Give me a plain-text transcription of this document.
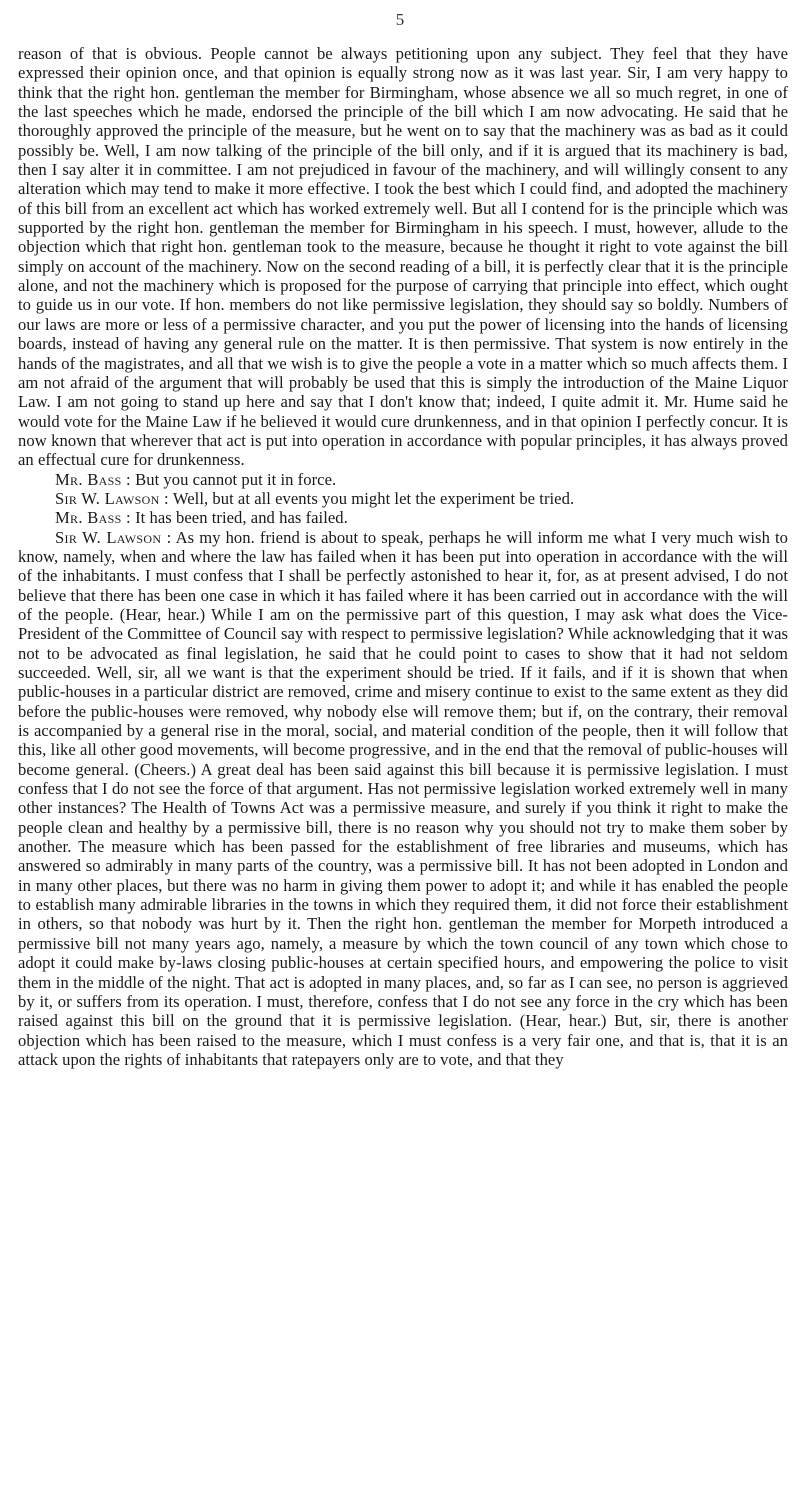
5

reason of that is obvious. People cannot be always petitioning upon any subject. They feel that they have expressed their opinion once, and that opinion is equally strong now as it was last year. Sir, I am very happy to think that the right hon. gentleman the member for Birmingham, whose absence we all so much regret, in one of the last speeches which he made, endorsed the principle of the bill which I am now advocating. He said that he thoroughly approved the principle of the measure, but he went on to say that the machinery was as bad as it could possibly be. Well, I am now talking of the principle of the bill only, and if it is argued that its machinery is bad, then I say alter it in committee. I am not prejudiced in favour of the machinery, and will willingly consent to any alteration which may tend to make it more effective. I took the best which I could find, and adopted the machinery of this bill from an excellent act which has worked extremely well. But all I contend for is the principle which was supported by the right hon. gentleman the member for Birmingham in his speech. I must, however, allude to the objection which that right hon. gentleman took to the measure, because he thought it right to vote against the bill simply on account of the machinery. Now on the second reading of a bill, it is perfectly clear that it is the principle alone, and not the machinery which is proposed for the purpose of carrying that principle into effect, which ought to guide us in our vote. If hon. members do not like permissive legislation, they should say so boldly. Numbers of our laws are more or less of a permissive character, and you put the power of licensing into the hands of licensing boards, instead of having any general rule on the matter. It is then permissive. That system is now entirely in the hands of the magistrates, and all that we wish is to give the people a vote in a matter which so much affects them. I am not afraid of the argument that will probably be used that this is simply the introduction of the Maine Liquor Law. I am not going to stand up here and say that I don't know that; indeed, I quite admit it. Mr. Hume said he would vote for the Maine Law if he believed it would cure drunkenness, and in that opinion I perfectly concur. It is now known that wherever that act is put into operation in accordance with popular principles, it has always proved an effectual cure for drunkenness.

Mr. Bass : But you cannot put it in force.

Sir W. Lawson : Well, but at all events you might let the experiment be tried.

Mr. Bass : It has been tried, and has failed.

Sir W. Lawson : As my hon. friend is about to speak, perhaps he will inform me what I very much wish to know, namely, when and where the law has failed when it has been put into operation in accordance with the will of the inhabitants. I must confess that I shall be perfectly astonished to hear it, for, as at present advised, I do not believe that there has been one case in which it has failed where it has been carried out in accordance with the will of the people. (Hear, hear.) While I am on the permissive part of this question, I may ask what does the Vice-President of the Committee of Council say with respect to permissive legislation? While acknowledging that it was not to be advocated as final legislation, he said that he could point to cases to show that it had not seldom succeeded. Well, sir, all we want is that the experiment should be tried. If it fails, and if it is shown that when public-houses in a particular district are removed, crime and misery continue to exist to the same extent as they did before the public-houses were removed, why nobody else will remove them; but if, on the contrary, their removal is accompanied by a general rise in the moral, social, and material condition of the people, then it will follow that this, like all other good movements, will become progressive, and in the end that the removal of public-houses will become general. (Cheers.) A great deal has been said against this bill because it is permissive legislation. I must confess that I do not see the force of that argument. Has not permissive legislation worked extremely well in many other instances? The Health of Towns Act was a permissive measure, and surely if you think it right to make the people clean and healthy by a permissive bill, there is no reason why you should not try to make them sober by another. The measure which has been passed for the establishment of free libraries and museums, which has answered so admirably in many parts of the country, was a permissive bill. It has not been adopted in London and in many other places, but there was no harm in giving them power to adopt it; and while it has enabled the people to establish many admirable libraries in the towns in which they required them, it did not force their establishment in others, so that nobody was hurt by it. Then the right hon. gentleman the member for Morpeth introduced a permissive bill not many years ago, namely, a measure by which the town council of any town which chose to adopt it could make by-laws closing public-houses at certain specified hours, and empowering the police to visit them in the middle of the night. That act is adopted in many places, and, so far as I can see, no person is aggrieved by it, or suffers from its operation. I must, therefore, confess that I do not see any force in the cry which has been raised against this bill on the ground that it is permissive legislation. (Hear, hear.) But, sir, there is another objection which has been raised to the measure, which I must confess is a very fair one, and that is, that it is an attack upon the rights of inhabitants that ratepayers only are to vote, and that they
